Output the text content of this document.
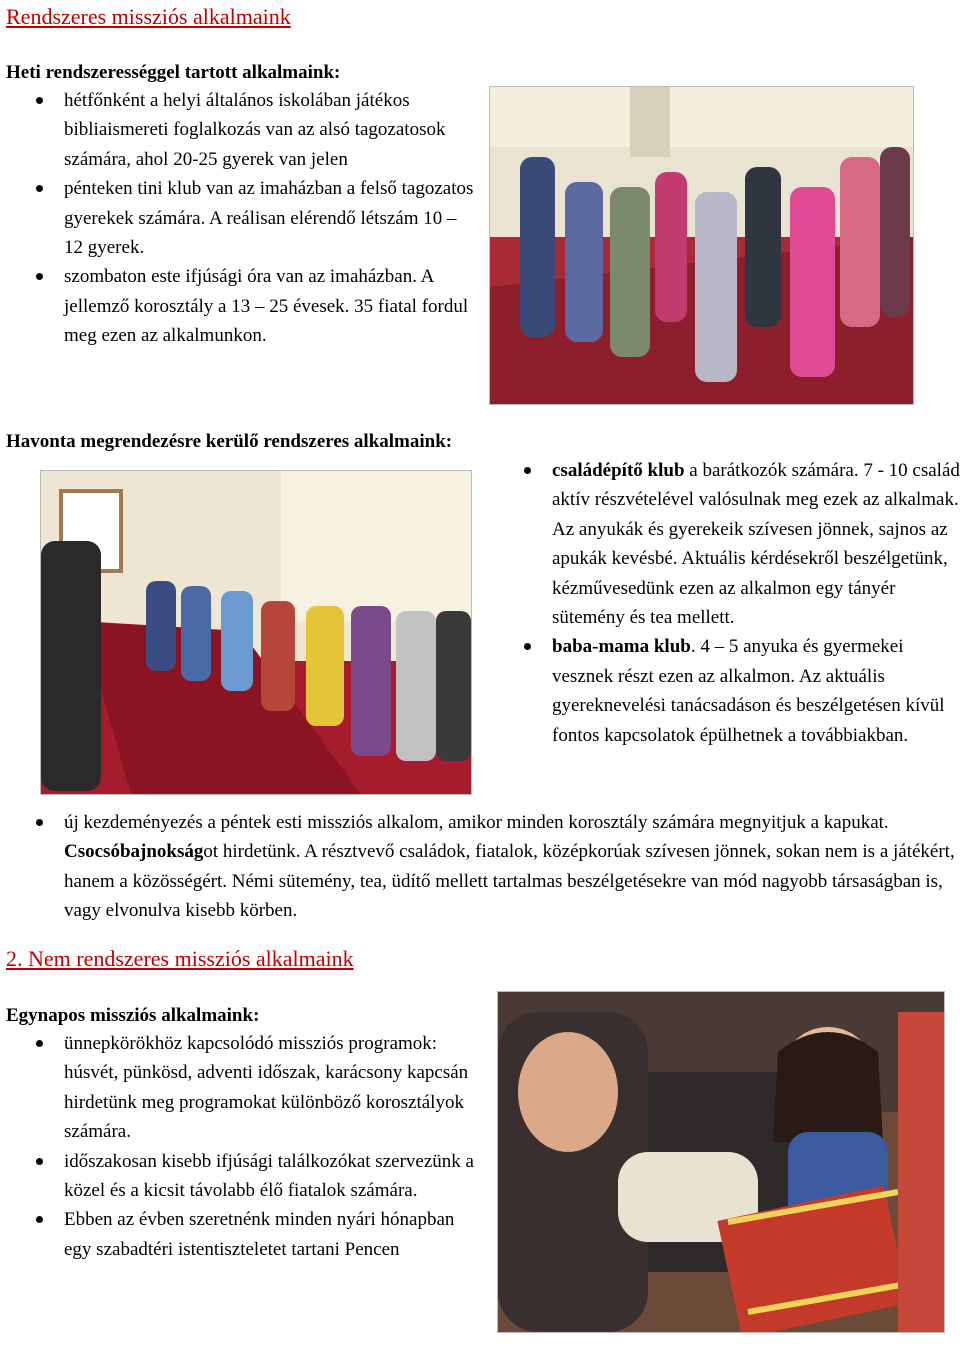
Rendszeres missziós alkalmaink
Heti rendszerességgel tartott alkalmaink:
hétfőnként a helyi általános iskolában játékos bibliaismereti foglalkozás van az alsó tagozatosok számára, ahol 20-25 gyerek van jelen
pénteken tini klub van az imaházban a felső tagozatos gyerekek számára. A reálisan elérendő létszám 10 – 12 gyerek.
szombaton este ifjúsági óra van az imaházban. A jellemző korosztály a 13 – 25 évesek. 35 fiatal fordul meg ezen az alkalmunkon.
Havonta megrendezésre kerülő rendszeres alkalmaink:
családépítő klub a barátkozók számára. 7 - 10 család aktív részvételével valósulnak meg ezek az alkalmak. Az anyukák és gyerekeik szívesen jönnek, sajnos az apukák kevésbé. Aktuális kérdésekről beszélgetünk, kézművesedünk ezen az alkalmon egy tányér sütemény és tea mellett.
baba-mama klub. 4 – 5 anyuka és gyermekei vesznek részt ezen az alkalmon. Az aktuális gyereknevelési tanácsadáson és beszélgetésen kívül fontos kapcsolatok épülhetnek a továbbiakban.
új kezdeményezés a péntek esti missziós alkalom, amikor minden korosztály számára megnyitjuk a kapukat. Csocsóbajnokságot hirdetünk. A résztvevő családok, fiatalok, középkorúak szívesen jönnek, sokan nem is a játékért, hanem a közösségért. Némi sütemény, tea, üdítő mellett tartalmas beszélgetésekre van mód nagyobb társaságban is, vagy elvonulva kisebb körben.
2. Nem rendszeres missziós alkalmaink
Egynapos missziós alkalmaink:
ünnepkörökhöz kapcsolódó missziós programok: húsvét, pünkösd, adventi időszak, karácsony kapcsán hirdetünk meg programokat különböző korosztályok számára.
időszakosan kisebb ifjúsági találkozókat szervezünk a közel és a kicsit távolabb élő fiatalok számára.
Ebben az évben szeretnénk minden nyári hónapban egy szabadtéri istentiszteletet tartani Pencen
